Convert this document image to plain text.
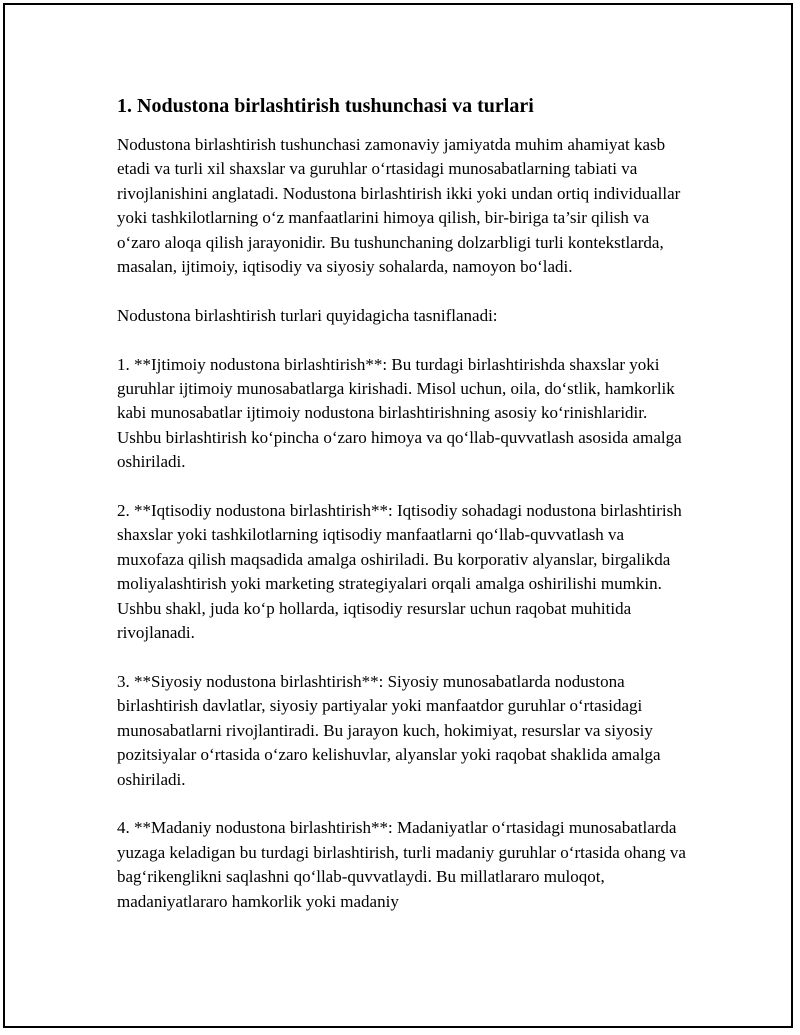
1. Nodustona birlashtirish tushunchasi va turlari

Nodustona birlashtirish tushunchasi zamonaviy jamiyatda muhim ahamiyat kasb etadi va turli xil shaxslar va guruhlar o‘rtasidagi munosabatlarning tabiati va rivojlanishini anglatadi. Nodustona birlashtirish ikki yoki undan ortiq individuallar yoki tashkilotlarning o‘z manfaatlarini himoya qilish, bir-biriga ta’sir qilish va o‘zaro aloqa qilish jarayonidir. Bu tushunchaning dolzarbligi turli kontekstlarda, masalan, ijtimoiy, iqtisodiy va siyosiy sohalarda, namoyon bo‘ladi.

Nodustona birlashtirish turlari quyidagicha tasniflanadi:

1. **Ijtimoiy nodustona birlashtirish**: Bu turdagi birlashtirishda shaxslar yoki guruhlar ijtimoiy munosabatlarga kirishadi. Misol uchun, oila, do‘stlik, hamkorlik kabi munosabatlar ijtimoiy nodustona birlashtirishning asosiy ko‘rinishlaridir. Ushbu birlashtirish ko‘pincha o‘zaro himoya va qo‘llab-quvvatlash asosida amalga oshiriladi.

2. **Iqtisodiy nodustona birlashtirish**: Iqtisodiy sohadagi nodustona birlashtirish shaxslar yoki tashkilotlarning iqtisodiy manfaatlarni qo‘llab-quvvatlash va muxofaza qilish maqsadida amalga oshiriladi. Bu korporativ alyanslar, birgalikda moliyalashtirish yoki marketing strategiyalari orqali amalga oshirilishi mumkin. Ushbu shakl, juda ko‘p hollarda, iqtisodiy resurslar uchun raqobat muhitida rivojlanadi.

3. **Siyosiy nodustona birlashtirish**: Siyosiy munosabatlarda nodustona birlashtirish davlatlar, siyosiy partiyalar yoki manfaatdor guruhlar o‘rtasidagi munosabatlarni rivojlantiradi. Bu jarayon kuch, hokimiyat, resurslar va siyosiy pozitsiyalar o‘rtasida o‘zaro kelishuvlar, alyanslar yoki raqobat shaklida amalga oshiriladi.

4. **Madaniy nodustona birlashtirish**: Madaniyatlar o‘rtasidagi munosabatlarda yuzaga keladigan bu turdagi birlashtirish, turli madaniy guruhlar o‘rtasida ohang va bag‘rikenglikni saqlashni qo‘llab-quvvatlaydi. Bu millatlararo muloqot, madaniyatlararo hamkorlik yoki madaniy
